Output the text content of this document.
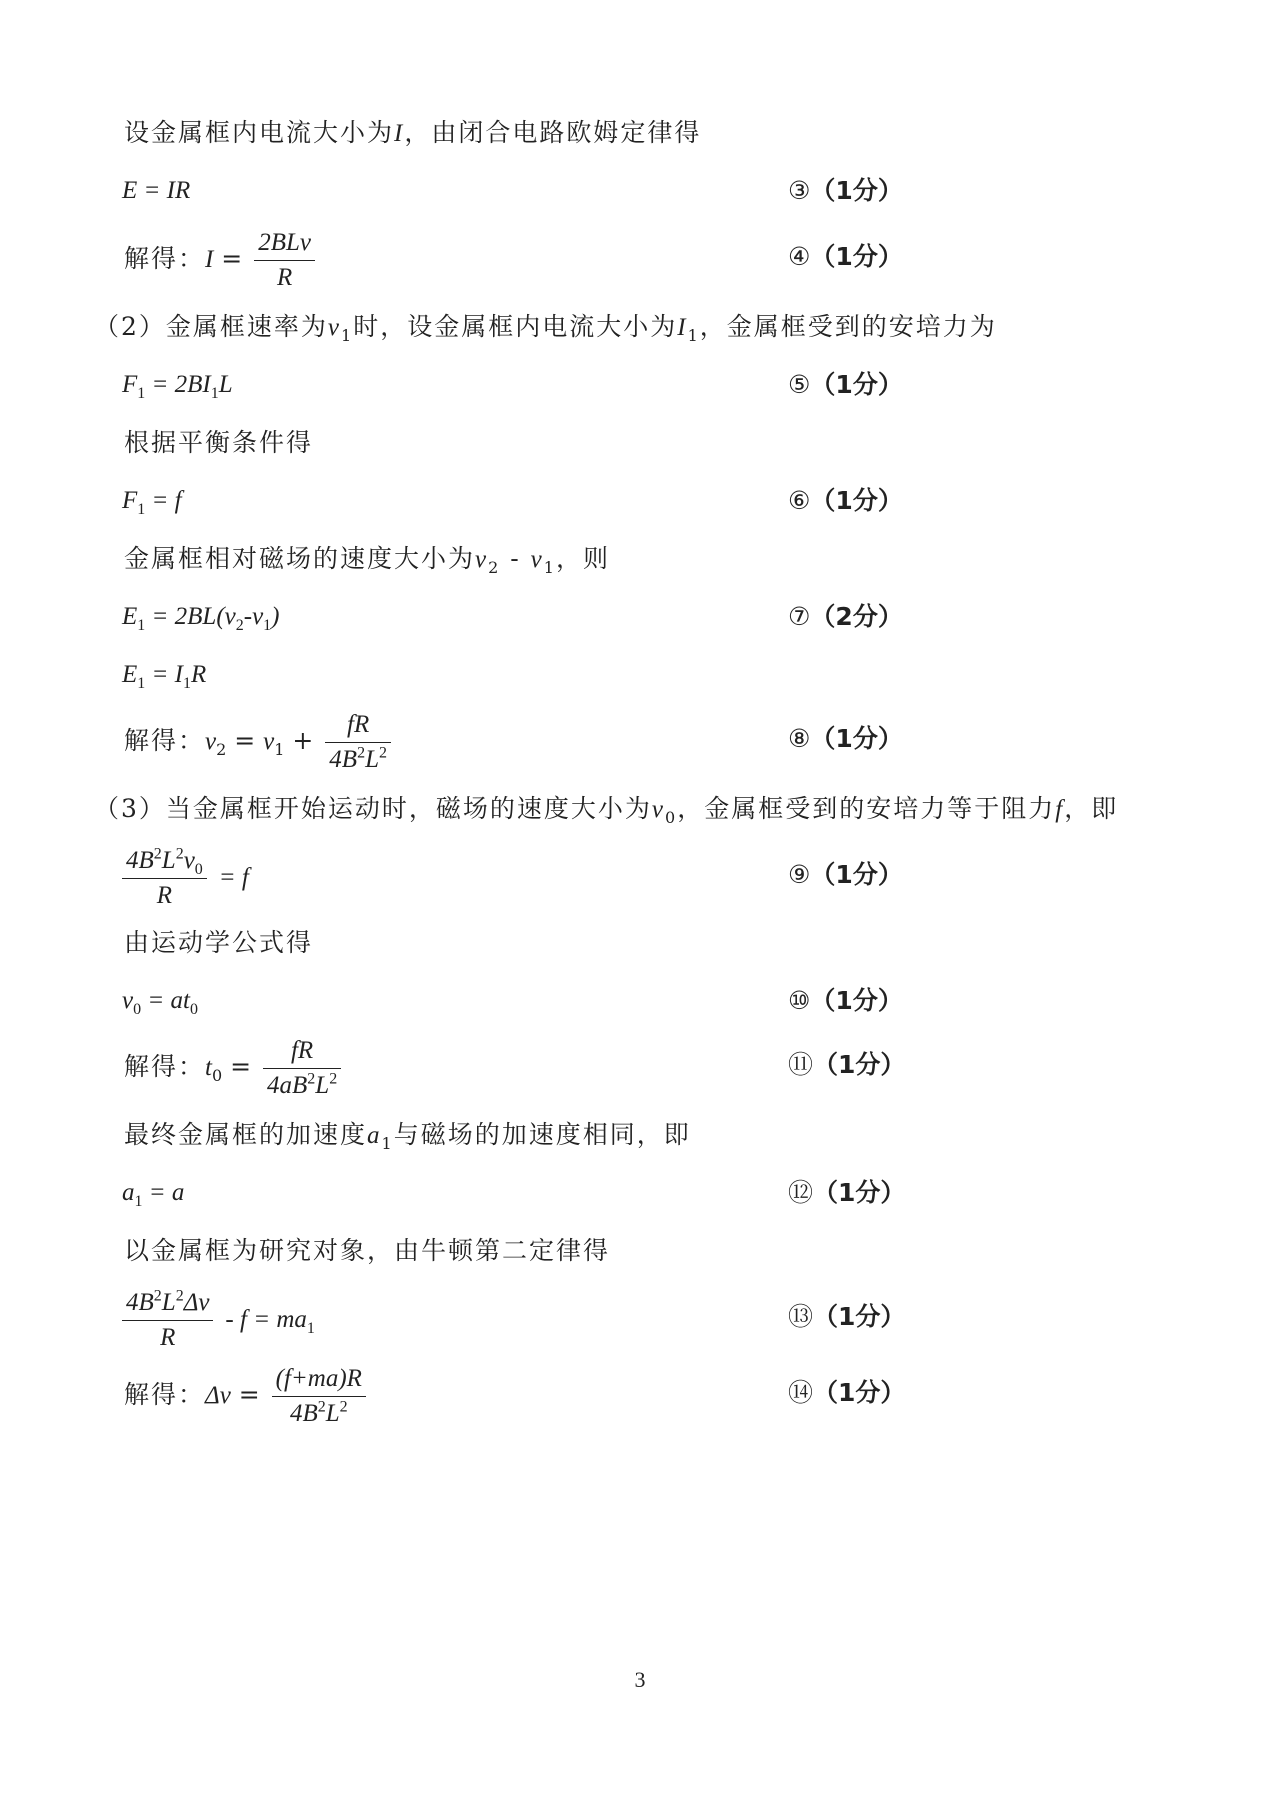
设金属框内电流大小为I，由闭合电路欧姆定律得
E = IR	③（1分）
解得：$I = \frac{\text{2BLv}}{R}$	④（1分）
（2）金属框速率为$v_1$时，设金属框内电流大小为$I_1$，金属框受到的安培力为
$F_1 = 2BI_1L$	⑤（1分）
根据平衡条件得
$F_1 = f$	⑥（1分）
金属框相对磁场的速度大小为$v_2 - v_1$，则
$E_1 = 2BL(v_2-v_1)$	⑦（2分）
$E_1 = I_1R$
解得：$v_2 = v_1 + \frac{fR}{4B^2L^2}$	⑧（1分）
（3）当金属框开始运动时，磁场的速度大小为$v_0$，金属框受到的安培力等于阻力f，即
$\frac{4B^2L^2v_0}{R} = f$	⑨（1分）
由运动学公式得
$v_0 = at_0$	⑩（1分）
解得：$t_0 = \frac{fR}{4aB^2L^2}$	⑪（1分）
最终金属框的加速度$a_1$与磁场的加速度相同，即
$a_1 = a$	⑫（1分）
以金属框为研究对象，由牛顿第二定律得
$\frac{4B^2L^2\Delta v}{R} - f = ma_1$	⑬（1分）
解得：$\Delta v = \frac{(f+ma)R}{4B^2L^2}$	⑭（1分）
3
